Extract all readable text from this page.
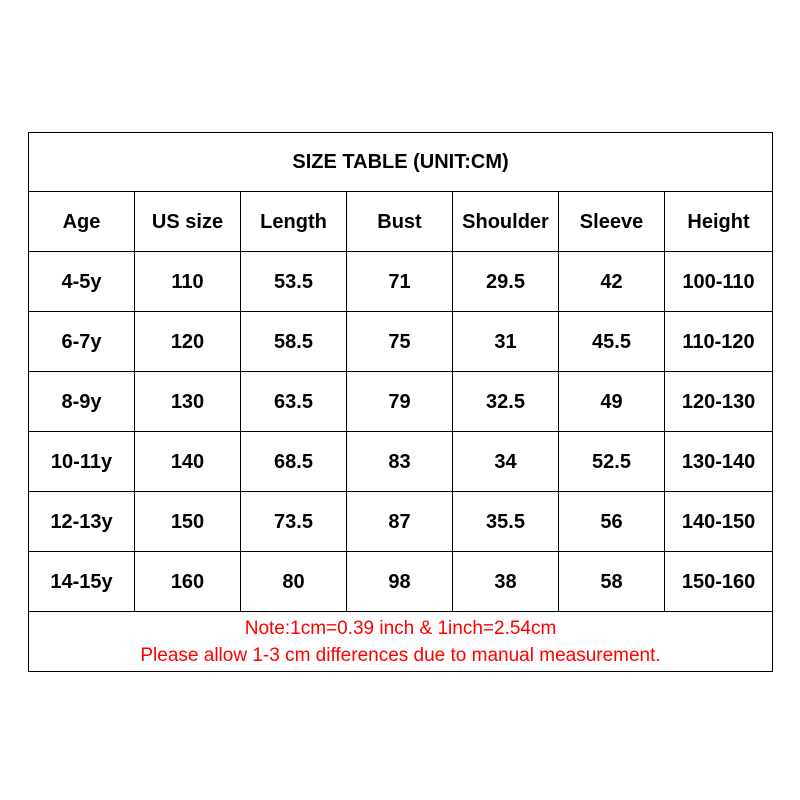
SIZE TABLE (UNIT:CM)						
Age	US size	Length	Bust	Shoulder	Sleeve	Height
4-5y	110	53.5	71	29.5	42	100-110
6-7y	120	58.5	75	31	45.5	110-120
8-9y	130	63.5	79	32.5	49	120-130
10-11y	140	68.5	83	34	52.5	130-140
12-13y	150	73.5	87	35.5	56	140-150
14-15y	160	80	98	38	58	150-160

Note:1cm=0.39 inch & 1inch=2.54cm
Please allow 1-3 cm differences due to manual measurement.						
